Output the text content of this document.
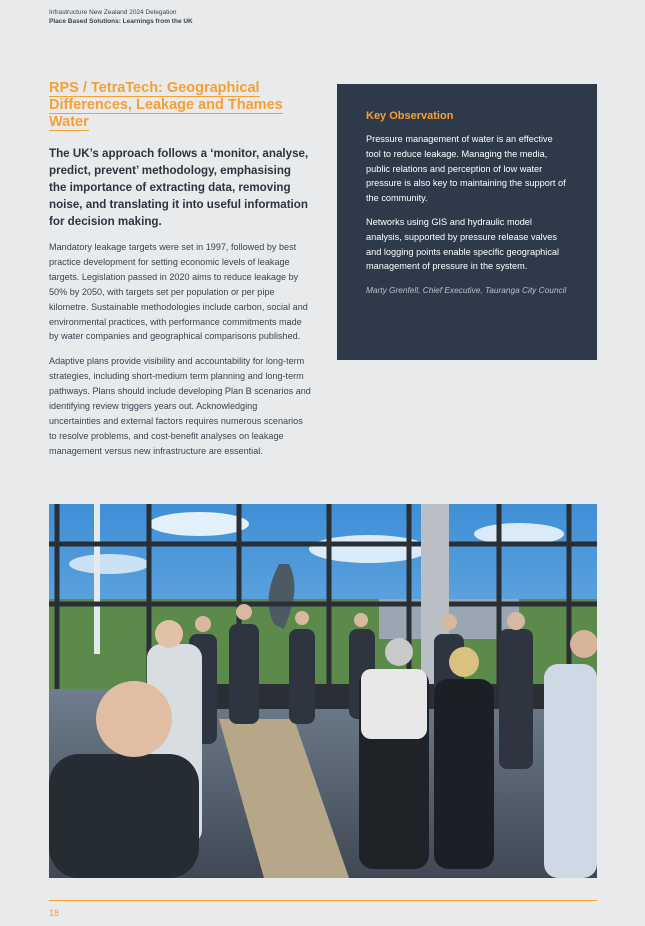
Infrastructure New Zealand 2024 Delegation
Place Based Solutions: Learnings from the UK
RPS / TetraTech: Geographical
Differences, Leakage and Thames
Water

The UK’s approach follows a ‘monitor, analyse, predict, prevent’ methodology, emphasising the importance of extracting data, removing noise, and translating it into useful information for decision making.

Mandatory leakage targets were set in 1997, followed by best practice development for setting economic levels of leakage targets. Legislation passed in 2020 aims to reduce leakage by 50% by 2050, with targets set per population or per pipe kilometre. Sustainable methodologies include carbon, social and environmental practices, with performance commitments made by water companies and geographical comparisons published.

Adaptive plans provide visibility and accountability for long-term strategies, including short-medium term planning and long-term pathways. Plans should include developing Plan B scenarios and identifying review triggers years out. Acknowledging uncertainties and external factors requires numerous scenarios to resolve problems, and cost-benefit analyses on leakage management versus new infrastructure are essential.

Key Observation

Pressure management of water is an effective tool to reduce leakage. Managing the media, public relations and perception of low water pressure is also key to maintaining the support of the community.

Networks using GIS and hydraulic model analysis, supported by pressure release valves and logging points enable specific geographical management of pressure in the system.

Marty Grenfell, Chief Executive, Tauranga City Council

18
